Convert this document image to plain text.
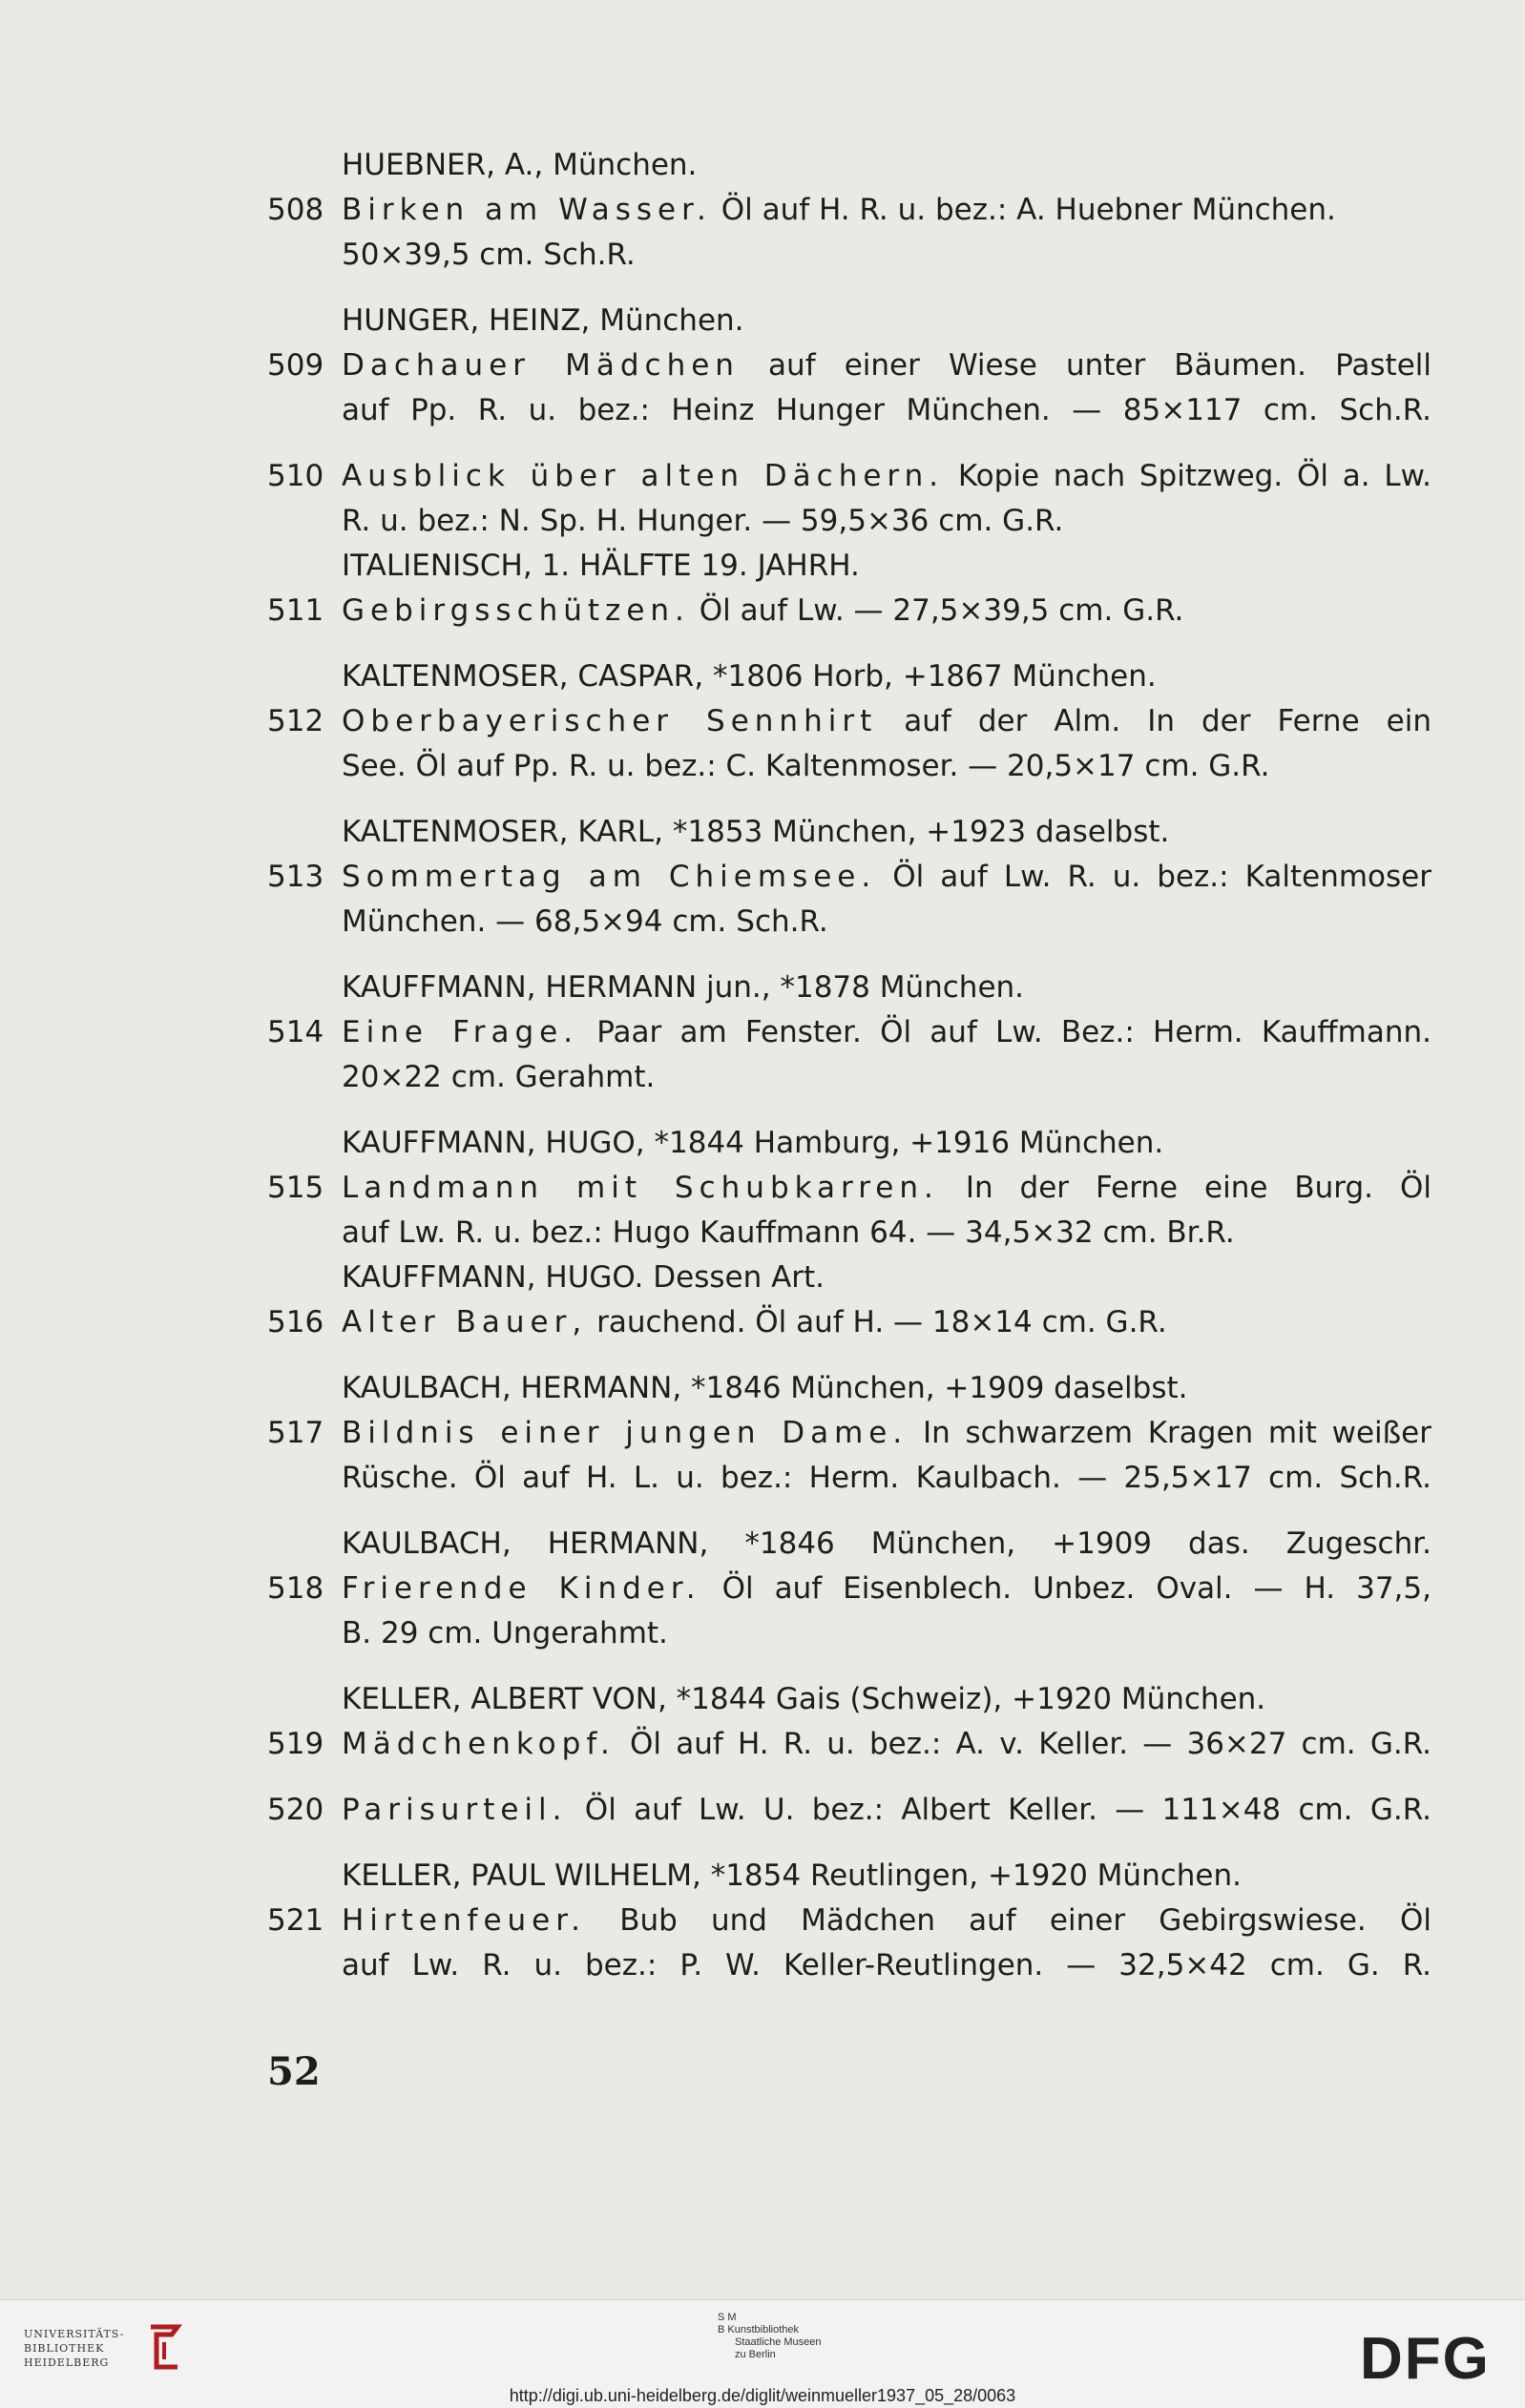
HUEBNER, A., München.
508 Birken am Wasser. Öl auf H. R. u. bez.: A. Huebner München.
50×39,5 cm. Sch.R.
HUNGER, HEINZ, München.
509 Dachauer Mädchen auf einer Wiese unter Bäumen. Pastell
auf Pp. R. u. bez.: Heinz Hunger München. — 85×117 cm. Sch.R.
510 Ausblick über alten Dächern. Kopie nach Spitzweg. Öl a. Lw.
R. u. bez.: N. Sp. H. Hunger. — 59,5×36 cm. G.R.
ITALIENISCH, 1. HÄLFTE 19. JAHRH.
511 Gebirgsschützen. Öl auf Lw. — 27,5×39,5 cm. G.R.
KALTENMOSER, CASPAR, *1806 Horb, +1867 München.
512 Oberbayerischer Sennhirt auf der Alm. In der Ferne ein
See. Öl auf Pp. R. u. bez.: C. Kaltenmoser. — 20,5×17 cm. G.R.
KALTENMOSER, KARL, *1853 München, +1923 daselbst.
513 Sommertag am Chiemsee. Öl auf Lw. R. u. bez.: Kaltenmoser
München. — 68,5×94 cm. Sch.R.
KAUFFMANN, HERMANN jun., *1878 München.
514 Eine Frage. Paar am Fenster. Öl auf Lw. Bez.: Herm. Kauffmann.
20×22 cm. Gerahmt.
KAUFFMANN, HUGO, *1844 Hamburg, +1916 München.
515 Landmann mit Schubkarren. In der Ferne eine Burg. Öl
auf Lw. R. u. bez.: Hugo Kauffmann 64. — 34,5×32 cm. Br.R.
KAUFFMANN, HUGO. Dessen Art.
516 Alter Bauer, rauchend. Öl auf H. — 18×14 cm. G.R.
KAULBACH, HERMANN, *1846 München, +1909 daselbst.
517 Bildnis einer jungen Dame. In schwarzem Kragen mit weißer
Rüsche. Öl auf H. L. u. bez.: Herm. Kaulbach. — 25,5×17 cm. Sch.R.
KAULBACH, HERMANN, *1846 München, +1909 das. Zugeschr.
518 Frierende Kinder. Öl auf Eisenblech. Unbez. Oval. — H. 37,5,
B. 29 cm. Ungerahmt.
KELLER, ALBERT VON, *1844 Gais (Schweiz), +1920 München.
519 Mädchenkopf. Öl auf H. R. u. bez.: A. v. Keller. — 36×27 cm. G.R.
520 Parisurteil. Öl auf Lw. U. bez.: Albert Keller. — 111×48 cm. G.R.
KELLER, PAUL WILHELM, *1854 Reutlingen, +1920 München.
521 Hirtenfeuer. Bub und Mädchen auf einer Gebirgswiese. Öl
auf Lw. R. u. bez.: P. W. Keller-Reutlingen. — 32,5×42 cm. G. R.
52
UNIVERSITÄTS-
BIBLIOTHEK
HEIDELBERG
S M
B Kunstbibliothek
Staatliche Museen
zu Berlin	DFG
http://digi.ub.uni-heidelberg.de/diglit/weinmueller1937_05_28/0063
